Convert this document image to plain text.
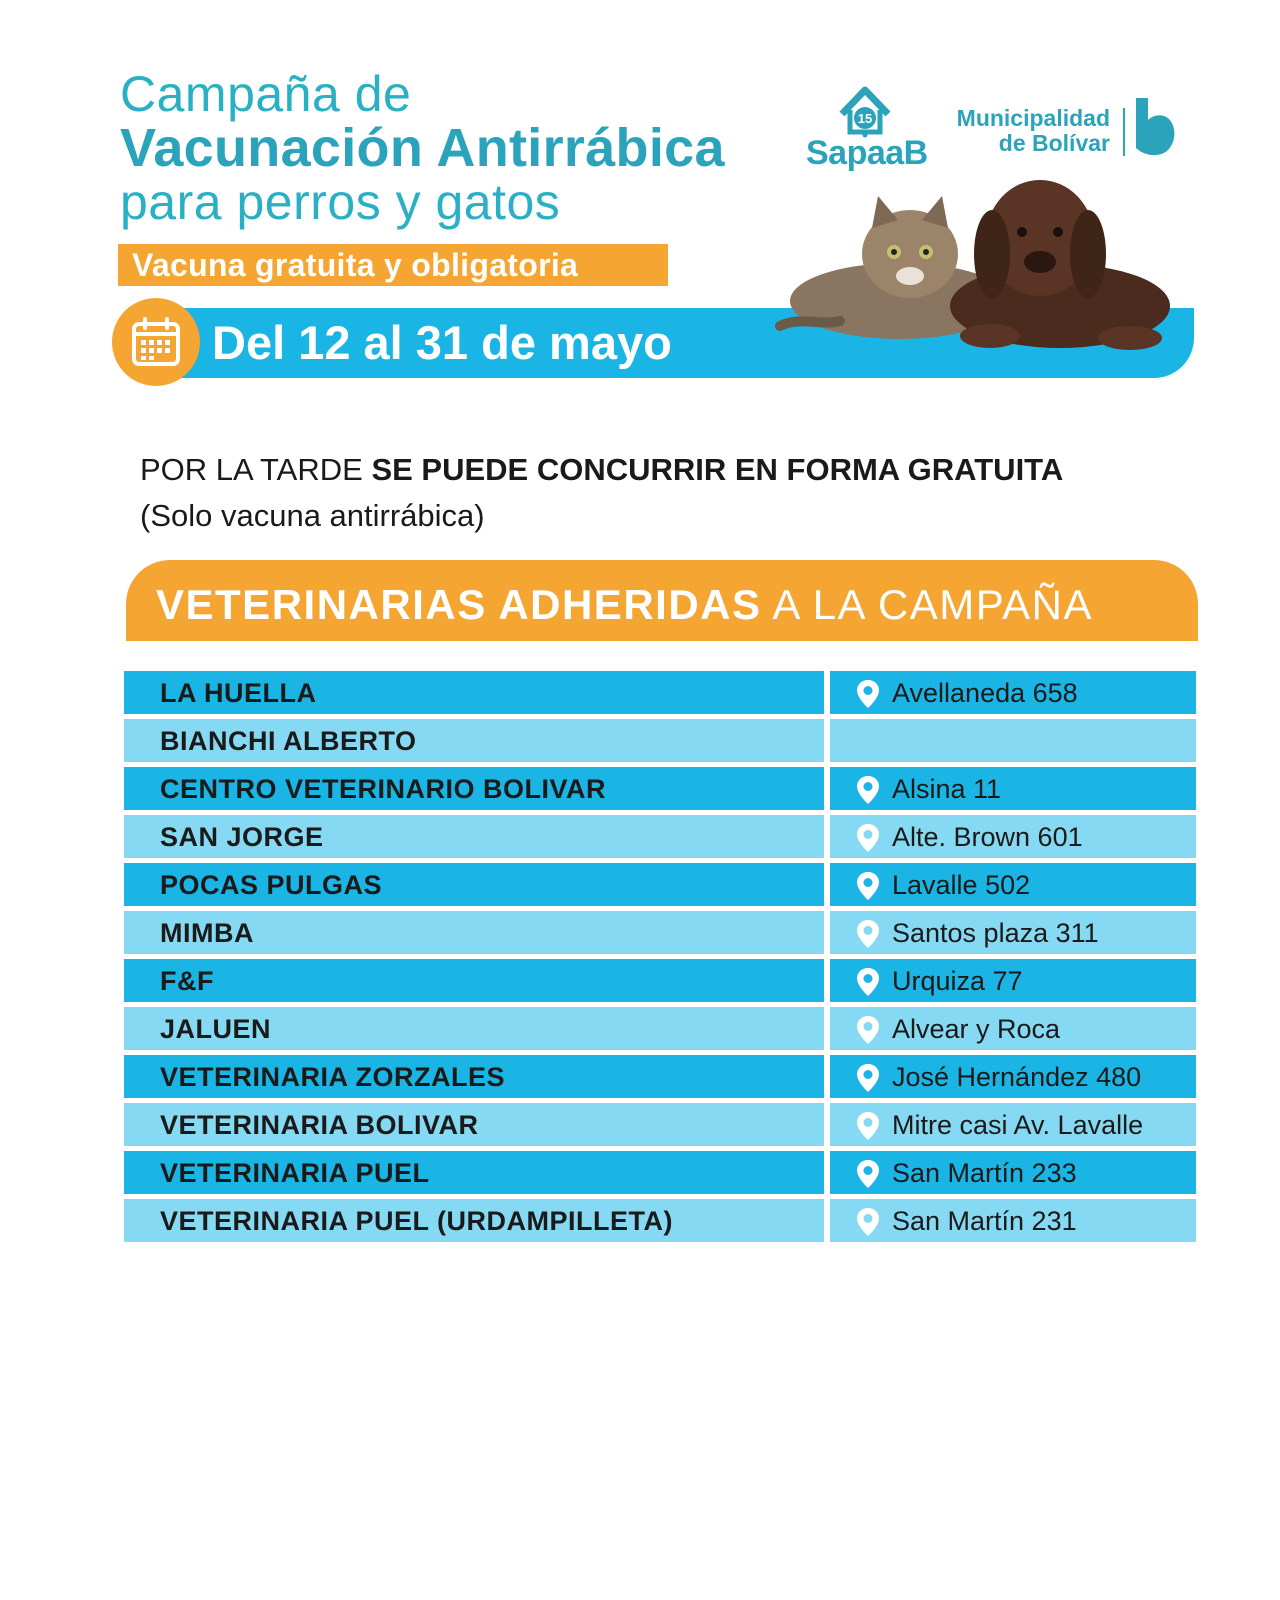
Campaña de
Vacunación Antirrábica
para perros y gatos
Vacuna gratuita y obligatoria
Del 12 al 31 de mayo
15
SapaaB
Municipalidad de Bolívar
POR LA TARDE SE PUEDE CONCURRIR EN FORMA GRATUITA
(Solo vacuna antirrábica)
VETERINARIAS ADHERIDAS A LA CAMPAÑA
LA HUELLA	Avellaneda 658
BIANCHI ALBERTO
CENTRO VETERINARIO BOLIVAR	Alsina 11
SAN JORGE	Alte. Brown 601
POCAS PULGAS	Lavalle 502
MIMBA	Santos plaza 311
F&F	Urquiza 77
JALUEN	Alvear y Roca
VETERINARIA ZORZALES	José Hernández 480
VETERINARIA BOLIVAR	Mitre casi Av. Lavalle
VETERINARIA PUEL	San Martín 233
VETERINARIA PUEL (URDAMPILLETA)	San Martín 231
